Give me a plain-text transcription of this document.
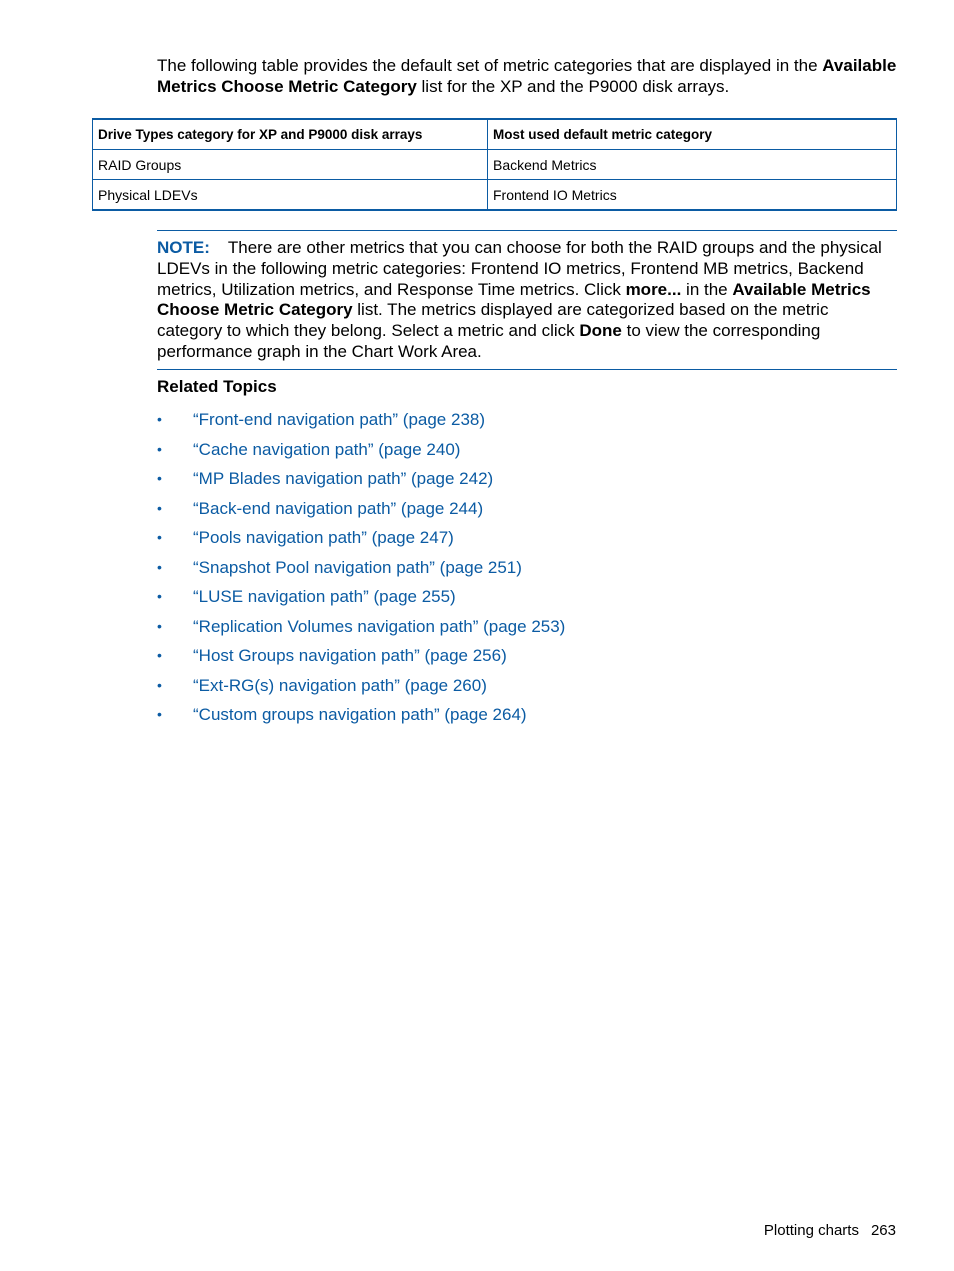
The following table provides the default set of metric categories that are displayed in the Available Metrics Choose Metric Category list for the XP and the P9000 disk arrays.

Drive Types category for XP and P9000 disk arrays	Most used default metric category
RAID Groups	Backend Metrics
Physical LDEVs	Frontend IO Metrics
NOTE: There are other metrics that you can choose for both the RAID groups and the physical LDEVs in the following metric categories: Frontend IO metrics, Frontend MB metrics, Backend metrics, Utilization metrics, and Response Time metrics. Click more... in the Available Metrics Choose Metric Category list. The metrics displayed are categorized based on the metric category to which they belong. Select a metric and click Done to view the corresponding performance graph in the Chart Work Area.
Related Topics
• “Front-end navigation path” (page 238)
• “Cache navigation path” (page 240)
• “MP Blades navigation path” (page 242)
• “Back-end navigation path” (page 244)
• “Pools navigation path” (page 247)
• “Snapshot Pool navigation path” (page 251)
• “LUSE navigation path” (page 255)
• “Replication Volumes navigation path” (page 253)
• “Host Groups navigation path” (page 256)
• “Ext-RG(s) navigation path” (page 260)
• “Custom groups navigation path” (page 264)
Plotting charts 263
